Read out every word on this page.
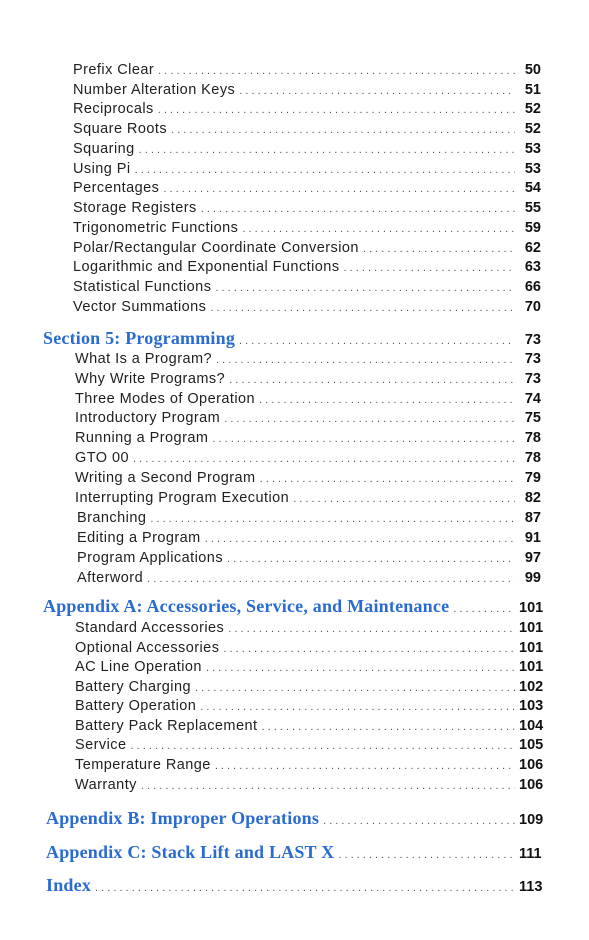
Prefix Clear . . .	50
Number Alteration Keys . . .	51
Reciprocals . . .	52
Square Roots . . .	52
Squaring . . .	53
Using Pi . . .	53
Percentages . . .	54
Storage Registers . . .	55
Trigonometric Functions . . .	59
Polar/Rectangular Coordinate Conversion . . .	62
Logarithmic and Exponential Functions . . .	63
Statistical Functions . . .	66
Vector Summations . . .	70
Section 5: Programming . . .	73
What Is a Program? . . .	73
Why Write Programs? . . .	73
Three Modes of Operation . . .	74
Introductory Program . . .	75
Running a Program . . .	78
GTO 00 . . .	78
Writing a Second Program . . .	79
Interrupting Program Execution . . .	82
Branching . . .	87
Editing a Program . . .	91
Program Applications . . .	97
Afterword . . .	99
Appendix A: Accessories, Service, and Maintenance . . .	101
Standard Accessories . . .	101
Optional Accessories . . .	101
AC Line Operation . . .	101
Battery Charging . . .	102
Battery Operation . . .	103
Battery Pack Replacement . . .	104
Service . . .	105
Temperature Range . . .	106
Warranty . . .	106
Appendix B: Improper Operations . . .	109
Appendix C: Stack Lift and LAST X . . .	111
Index . . .	113
